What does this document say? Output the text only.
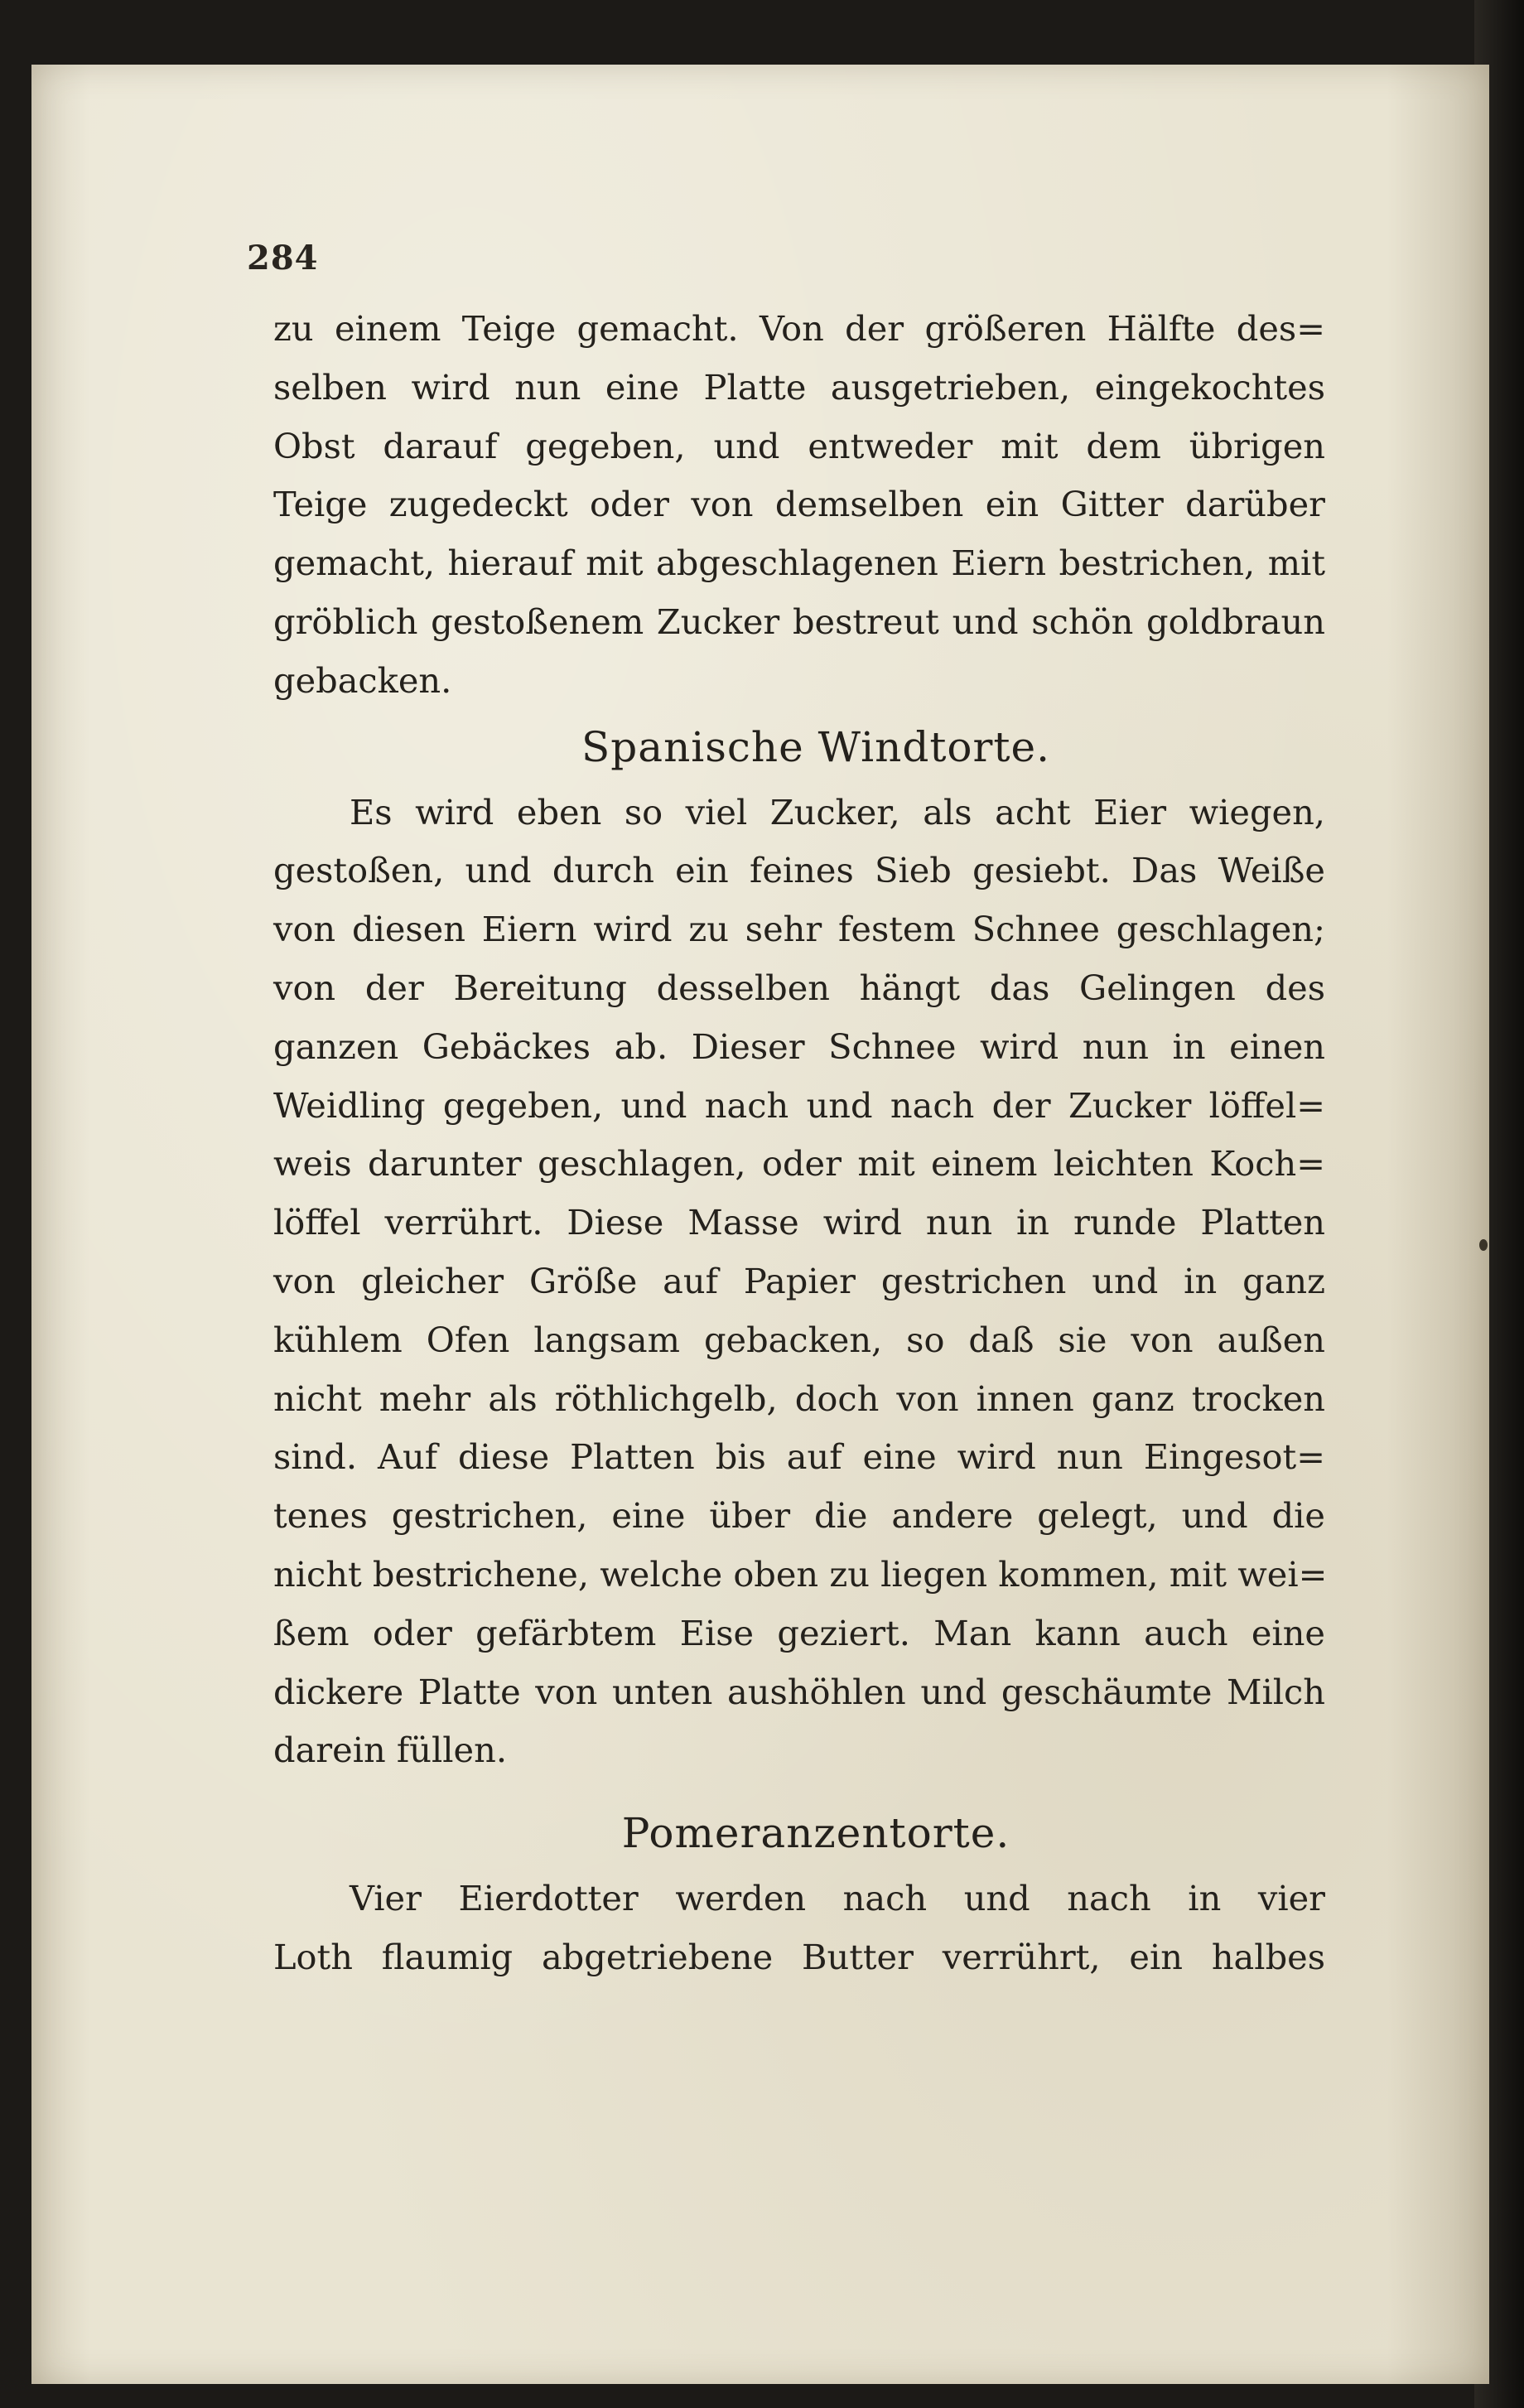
284
zu einem Teige gemacht. Von der größeren Hälfte des=
selben wird nun eine Platte ausgetrieben, eingekochtes
Obst darauf gegeben, und entweder mit dem übrigen
Teige zugedeckt oder von demselben ein Gitter darüber
gemacht, hierauf mit abgeschlagenen Eiern bestrichen, mit
gröblich gestoßenem Zucker bestreut und schön goldbraun
gebacken.
Spanische Windtorte.
Es wird eben so viel Zucker, als acht Eier wiegen,
gestoßen, und durch ein feines Sieb gesiebt. Das Weiße
von diesen Eiern wird zu sehr festem Schnee geschlagen;
von der Bereitung desselben hängt das Gelingen des
ganzen Gebäckes ab. Dieser Schnee wird nun in einen
Weidling gegeben, und nach und nach der Zucker löffel=
weis darunter geschlagen, oder mit einem leichten Koch=
löffel verrührt. Diese Masse wird nun in runde Platten
von gleicher Größe auf Papier gestrichen und in ganz
kühlem Ofen langsam gebacken, so daß sie von außen
nicht mehr als röthlichgelb, doch von innen ganz trocken
sind. Auf diese Platten bis auf eine wird nun Eingesot=
tenes gestrichen, eine über die andere gelegt, und die
nicht bestrichene, welche oben zu liegen kommen, mit wei=
ßem oder gefärbtem Eise geziert. Man kann auch eine
dickere Platte von unten aushöhlen und geschäumte Milch
darein füllen.
Pomeranzentorte.
Vier Eierdotter werden nach und nach in vier
Loth flaumig abgetriebene Butter verrührt, ein halbes
